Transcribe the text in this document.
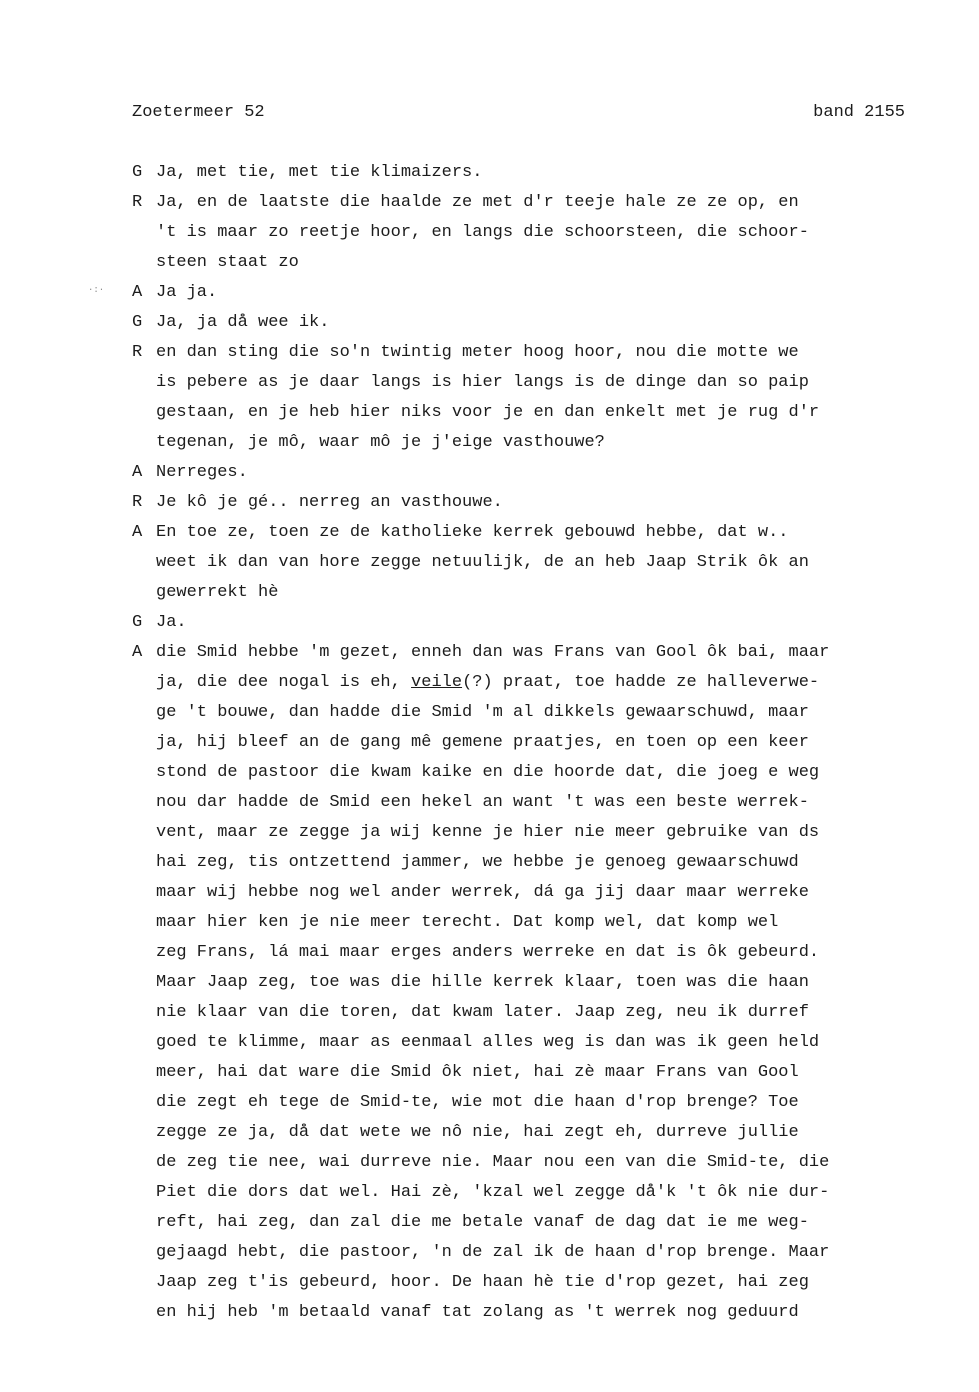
·:·
Zoetermeer 52	band 2155
G Ja, met tie, met tie klimaizers.
R Ja, en de laatste die haalde ze met d'r teeje hale ze ze op, en
't is maar zo reetje hoor, en langs die schoorsteen, die schoor-
steen staat zo
A Ja ja.
G Ja, ja då wee ik.
R en dan sting die so'n twintig meter hoog hoor, nou die motte we
is pebere as je daar langs is hier langs is de dinge dan so paip
gestaan, en je heb hier niks voor je en dan enkelt met je rug d'r
tegenan, je mô, waar mô je j'eige vasthouwe?
A Nerreges.
R Je kô je gé.. nerreg an vasthouwe.
A En toe ze, toen ze de katholieke kerrek gebouwd hebbe, dat w..
weet ik dan van hore zegge netuulijk, de an heb Jaap Strik ôk an
gewerrekt hè
G Ja.
A die Smid hebbe 'm gezet, enneh dan was Frans van Gool ôk bai, maar
ja, die dee nogal is eh, veile(?) praat, toe hadde ze halleverwe-
ge 't bouwe, dan hadde die Smid 'm al dikkels gewaarschuwd, maar
ja, hij bleef an de gang mê gemene praatjes, en toen op een keer
stond de pastoor die kwam kaike en die hoorde dat, die joeg e weg
nou dar hadde de Smid een hekel an want 't was een beste werrek-
vent, maar ze zegge ja wij kenne je hier nie meer gebruike van ds
hai zeg, tis ontzettend jammer, we hebbe je genoeg gewaarschuwd
maar wij hebbe nog wel ander werrek, dá ga jij daar maar werreke
maar hier ken je nie meer terecht. Dat komp wel, dat komp wel
zeg Frans, lá mai maar erges anders werreke en dat is ôk gebeurd.
Maar Jaap zeg, toe was die hille kerrek klaar, toen was die haan
nie klaar van die toren, dat kwam later. Jaap zeg, neu ik durref
goed te klimme, maar as eenmaal alles weg is dan was ik geen held
meer, hai dat ware die Smid ôk niet, hai zè maar Frans van Gool
die zegt eh tege de Smid-te, wie mot die haan d'rop brenge? Toe
zegge ze ja, då dat wete we nô nie, hai zegt eh, durreve jullie
de zeg tie nee, wai durreve nie. Maar nou een van die Smid-te, die
Piet die dors dat wel. Hai zè, 'kzal wel zegge då'k 't ôk nie dur-
reft, hai zeg, dan zal die me betale vanaf de dag dat ie me weg-
gejaagd hebt, die pastoor, 'n de zal ik de haan d'rop brenge. Maar
Jaap zeg t'is gebeurd, hoor. De haan hè tie d'rop gezet, hai zeg
en hij heb 'm betaald vanaf tat zolang as 't werrek nog geduurd
